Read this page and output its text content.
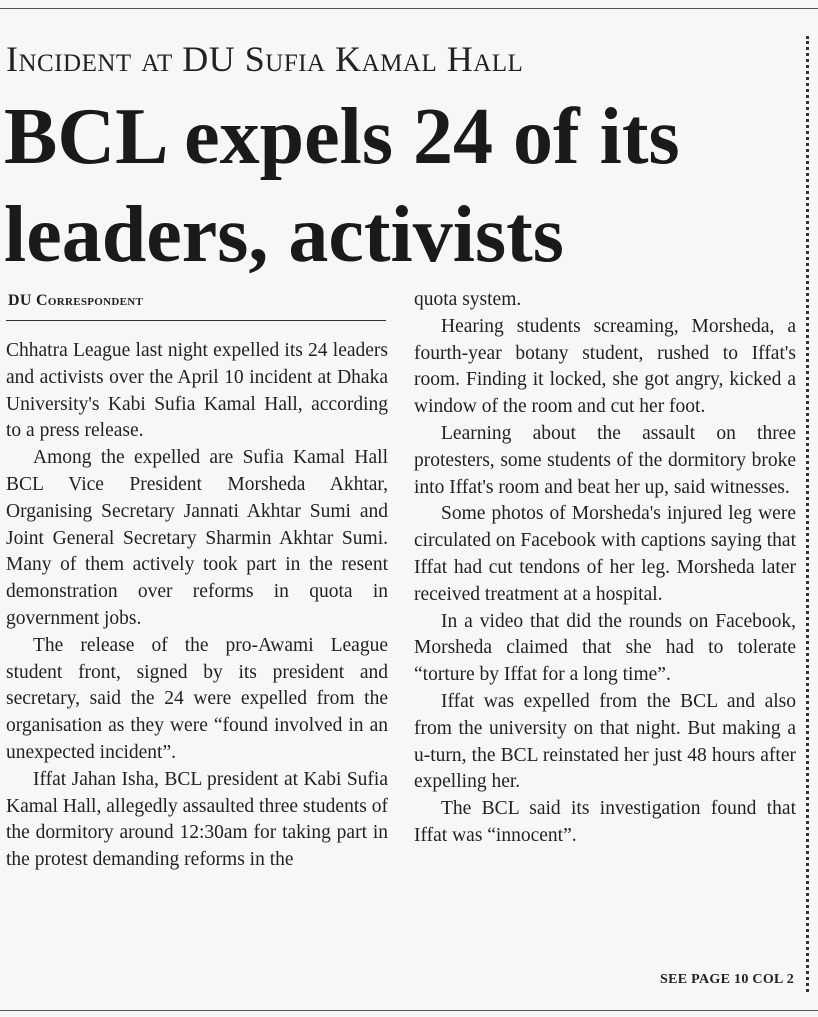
Incident at DU Sufia Kamal Hall
BCL expels 24 of its leaders, activists
DU Correspondent

Chhatra League last night expelled its 24 leaders and activists over the April 10 incident at Dhaka University's Kabi Sufia Kamal Hall, according to a press release.

Among the expelled are Sufia Kamal Hall BCL Vice President Morsheda Akhtar, Organising Secretary Jannati Akhtar Sumi and Joint General Secretary Sharmin Akhtar Sumi. Many of them actively took part in the resent demonstration over reforms in quota in government jobs.

The release of the pro-Awami League student front, signed by its president and secretary, said the 24 were expelled from the organisation as they were “found involved in an unexpected incident”.

Iffat Jahan Isha, BCL president at Kabi Sufia Kamal Hall, allegedly assaulted three students of the dormitory around 12:30am for taking part in the protest demanding reforms in the

quota system.

Hearing students screaming, Morsheda, a fourth-year botany student, rushed to Iffat's room. Finding it locked, she got angry, kicked a window of the room and cut her foot.

Learning about the assault on three protesters, some students of the dormitory broke into Iffat's room and beat her up, said witnesses.

Some photos of Morsheda's injured leg were circulated on Facebook with captions saying that Iffat had cut tendons of her leg. Morsheda later received treatment at a hospital.

In a video that did the rounds on Facebook, Morsheda claimed that she had to tolerate “torture by Iffat for a long time”.

Iffat was expelled from the BCL and also from the university on that night. But making a u-turn, the BCL reinstated her just 48 hours after expelling her.

The BCL said its investigation found that Iffat was “innocent”.

SEE PAGE 10 COL 2
